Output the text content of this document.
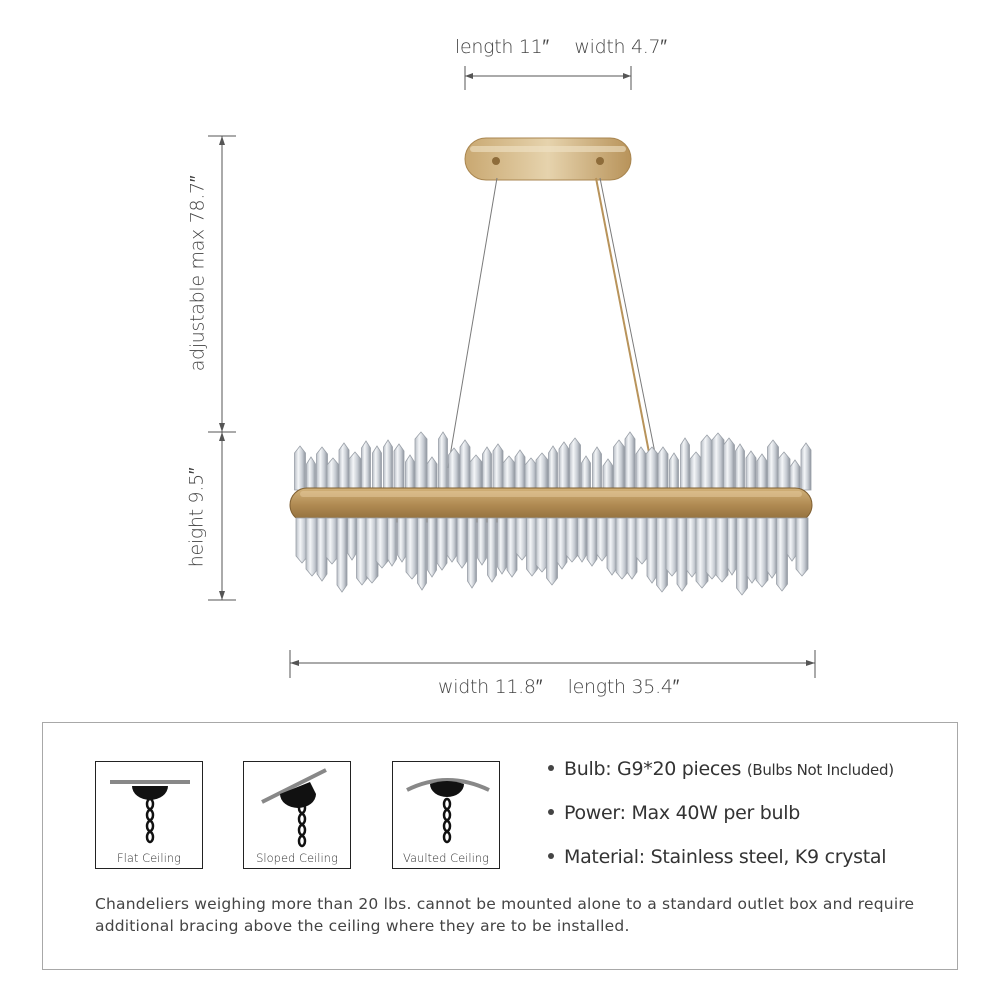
length 11″ width 4.7″
adjustable max 78.7″
height 9.5″
width 11.8″ length 35.4″
Flat Ceiling	Sloped Ceiling	Vaulted Ceiling
Bulb: G9*20 pieces (Bulbs Not Included)
Power: Max 40W per bulb
Material: Stainless steel, K9 crystal
Chandeliers weighing more than 20 lbs. cannot be mounted alone to a standard outlet box and require additional bracing above the ceiling where they are to be installed.
